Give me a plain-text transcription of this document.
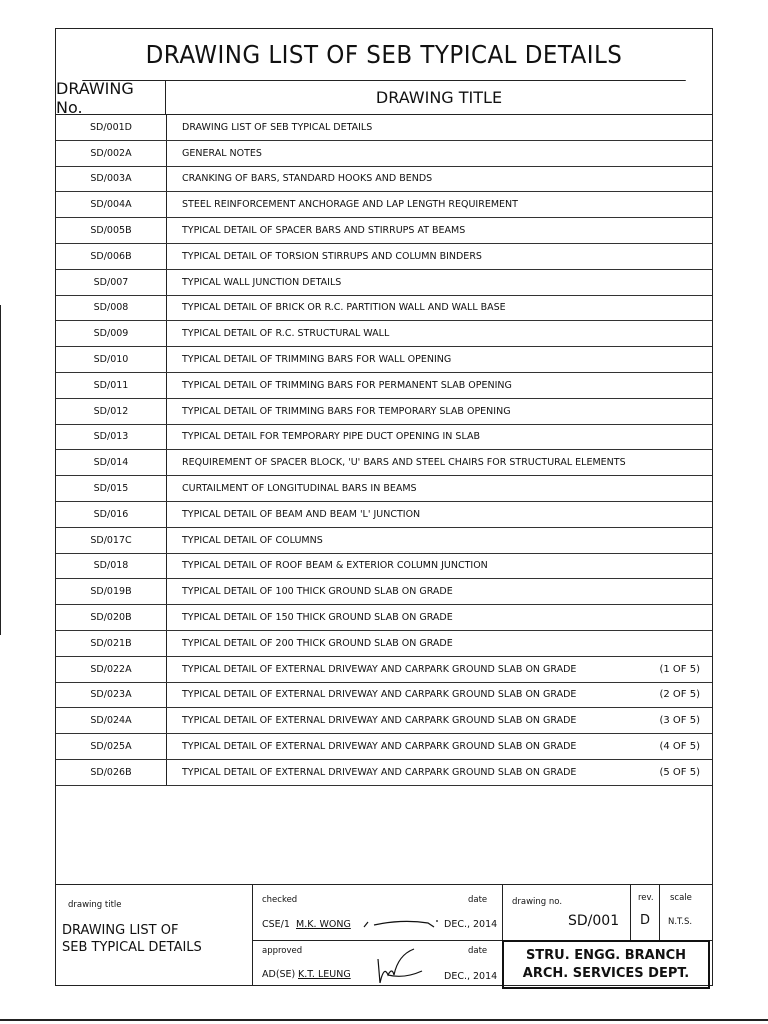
DRAWING LIST OF SEB TYPICAL DETAILS
DRAWING No.	DRAWING TITLE
SD/001D	DRAWING LIST OF SEB TYPICAL DETAILS
SD/002A	GENERAL NOTES
SD/003A	CRANKING OF BARS, STANDARD HOOKS AND BENDS
SD/004A	STEEL REINFORCEMENT ANCHORAGE AND LAP LENGTH REQUIREMENT
SD/005B	TYPICAL DETAIL OF SPACER BARS AND STIRRUPS AT BEAMS
SD/006B	TYPICAL DETAIL OF TORSION STIRRUPS AND COLUMN BINDERS
SD/007	TYPICAL WALL JUNCTION DETAILS
SD/008	TYPICAL DETAIL OF BRICK OR R.C. PARTITION WALL AND WALL BASE
SD/009	TYPICAL DETAIL OF R.C. STRUCTURAL WALL
SD/010	TYPICAL DETAIL OF TRIMMING BARS FOR WALL OPENING
SD/011	TYPICAL DETAIL OF TRIMMING BARS FOR PERMANENT SLAB OPENING
SD/012	TYPICAL DETAIL OF TRIMMING BARS FOR TEMPORARY SLAB OPENING
SD/013	TYPICAL DETAIL FOR TEMPORARY PIPE DUCT OPENING IN SLAB
SD/014	REQUIREMENT OF SPACER BLOCK, 'U' BARS AND STEEL CHAIRS FOR STRUCTURAL ELEMENTS
SD/015	CURTAILMENT OF LONGITUDINAL BARS IN BEAMS
SD/016	TYPICAL DETAIL OF BEAM AND BEAM 'L' JUNCTION
SD/017C	TYPICAL DETAIL OF COLUMNS
SD/018	TYPICAL DETAIL OF ROOF BEAM & EXTERIOR COLUMN JUNCTION
SD/019B	TYPICAL DETAIL OF 100 THICK GROUND SLAB ON GRADE
SD/020B	TYPICAL DETAIL OF 150 THICK GROUND SLAB ON GRADE
SD/021B	TYPICAL DETAIL OF 200 THICK GROUND SLAB ON GRADE
SD/022A	TYPICAL DETAIL OF EXTERNAL DRIVEWAY AND CARPARK GROUND SLAB ON GRADE	(1 OF 5)
SD/023A	TYPICAL DETAIL OF EXTERNAL DRIVEWAY AND CARPARK GROUND SLAB ON GRADE	(2 OF 5)
SD/024A	TYPICAL DETAIL OF EXTERNAL DRIVEWAY AND CARPARK GROUND SLAB ON GRADE	(3 OF 5)
SD/025A	TYPICAL DETAIL OF EXTERNAL DRIVEWAY AND CARPARK GROUND SLAB ON GRADE	(4 OF 5)
SD/026B	TYPICAL DETAIL OF EXTERNAL DRIVEWAY AND CARPARK GROUND SLAB ON GRADE	(5 OF 5)
drawing title
DRAWING LIST OF
SEB TYPICAL DETAILS
checked	date
CSE/1 M.K. WONG	DEC., 2014
approved	date
AD(SE) K.T. LEUNG	DEC., 2014
drawing no.
SD/001
rev.
D
scale
N.T.S.
STRU. ENGG. BRANCH
ARCH. SERVICES DEPT.
